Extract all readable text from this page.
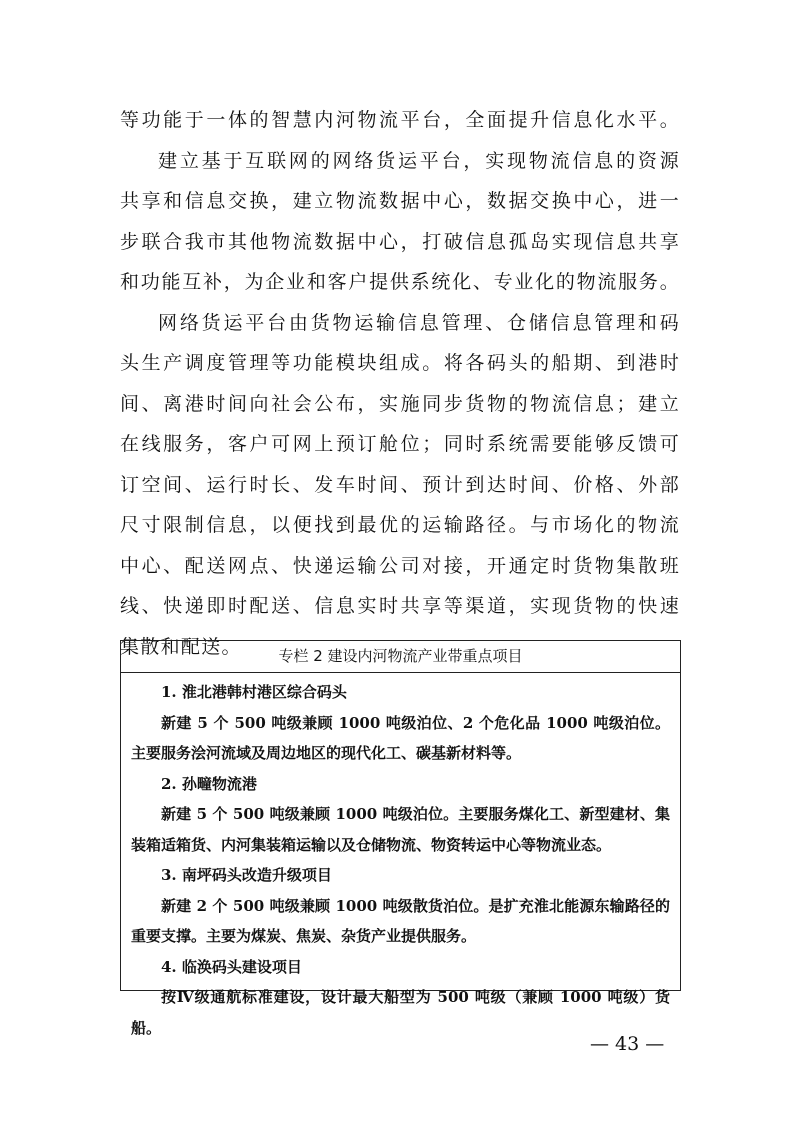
等功能于一体的智慧内河物流平台，全面提升信息化水平。

建立基于互联网的网络货运平台，实现物流信息的资源

共享和信息交换，建立物流数据中心，数据交换中心，进一

步联合我市其他物流数据中心，打破信息孤岛实现信息共享

和功能互补，为企业和客户提供系统化、专业化的物流服务。

网络货运平台由货物运输信息管理、仓储信息管理和码

头生产调度管理等功能模块组成。将各码头的船期、到港时

间、离港时间向社会公布，实施同步货物的物流信息；建立

在线服务，客户可网上预订舱位；同时系统需要能够反馈可

订空间、运行时长、发车时间、预计到达时间、价格、外部

尺寸限制信息，以便找到最优的运输路径。与市场化的物流

中心、配送网点、快递运输公司对接，开通定时货物集散班

线、快递即时配送、信息实时共享等渠道，实现货物的快速

集散和配送。	专栏 2 建设内河物流产业带重点项目

1. 淮北港韩村港区综合码头

新建 5 个 500 吨级兼顾 1000 吨级泊位、2 个危化品 1000 吨级泊位。主要服务浍河流域及周边地区的现代化工、碳基新材料等。

2. 孙疃物流港

新建 5 个 500 吨级兼顾 1000 吨级泊位。主要服务煤化工、新型建材、集装箱适箱货、内河集装箱运输以及仓储物流、物资转运中心等物流业态。

3. 南坪码头改造升级项目

新建 2 个 500 吨级兼顾 1000 吨级散货泊位。是扩充淮北能源东输路径的重要支撑。主要为煤炭、焦炭、杂货产业提供服务。

4. 临涣码头建设项目

按Ⅳ级通航标准建设，设计最大船型为 500 吨级（兼顾 1000 吨级）货船。

— 43 —
